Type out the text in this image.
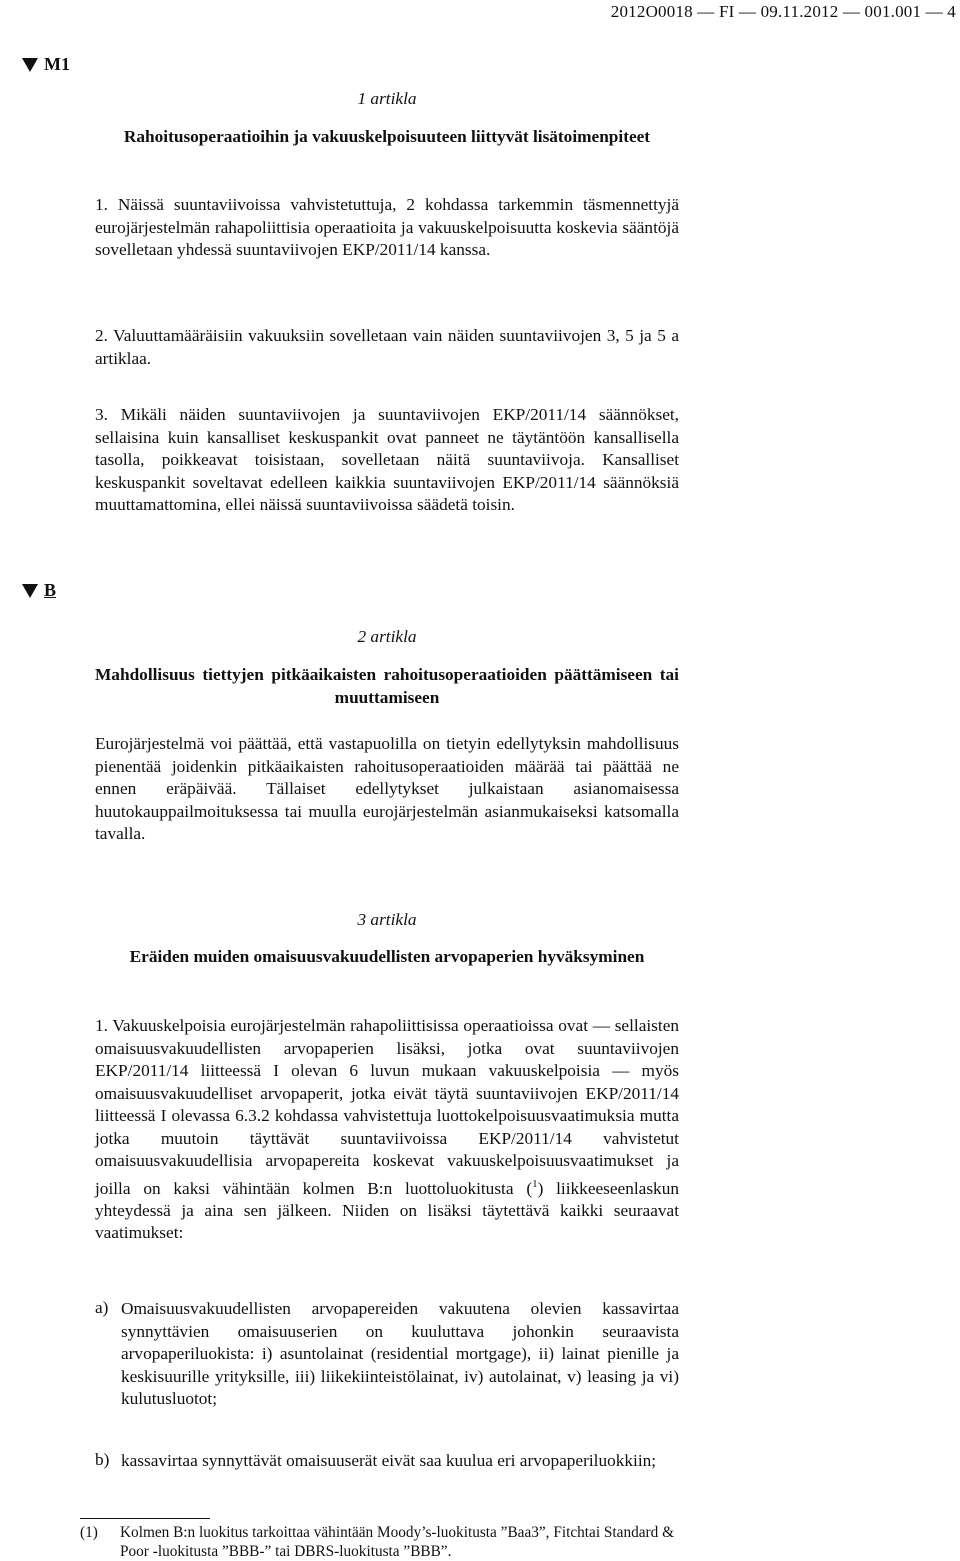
2012O0018 — FI — 09.11.2012 — 001.001 — 4
M1
1 artikla
Rahoitusoperaatioihin ja vakuuskelpoisuuteen liittyvät lisätoimenpiteet
1. Näissä suuntaviivoissa vahvistetuttuja, 2 kohdassa tarkemmin täsmennettyjä eurojärjestelmän rahapoliittisia operaatioita ja vakuuskelpoisuutta koskevia sääntöjä sovelletaan yhdessä suuntaviivojen EKP/2011/14 kanssa.
2. Valuuttamääräisiin vakuuksiin sovelletaan vain näiden suuntaviivojen 3, 5 ja 5 a artiklaa.
3. Mikäli näiden suuntaviivojen ja suuntaviivojen EKP/2011/14 säännökset, sellaisina kuin kansalliset keskuspankit ovat panneet ne täytäntöön kansallisella tasolla, poikkeavat toisistaan, sovelletaan näitä suuntaviivoja. Kansalliset keskuspankit soveltavat edelleen kaikkia suuntaviivojen EKP/2011/14 säännöksiä muuttamattomina, ellei näissä suuntaviivoissa säädetä toisin.
B
2 artikla
Mahdollisuus tiettyjen pitkäaikaisten rahoitusoperaatioiden päättämiseen tai muuttamiseen
Eurojärjestelmä voi päättää, että vastapuolilla on tietyin edellytyksin mahdollisuus pienentää joidenkin pitkäaikaisten rahoitusoperaatioiden määrää tai päättää ne ennen eräpäivää. Tällaiset edellytykset julkaistaan asianomaisessa huutokauppailmoituksessa tai muulla eurojärjestelmän asianmukaiseksi katsomalla tavalla.
3 artikla
Eräiden muiden omaisuusvakuudellisten arvopaperien hyväksyminen
1. Vakuuskelpoisia eurojärjestelmän rahapoliittisissa operaatioissa ovat — sellaisten omaisuusvakuudellisten arvopaperien lisäksi, jotka ovat suuntaviivojen EKP/2011/14 liitteessä I olevan 6 luvun mukaan vakuuskelpoisia — myös omaisuusvakuudelliset arvopaperit, jotka eivät täytä suuntaviivojen EKP/2011/14 liitteessä I olevassa 6.3.2 kohdassa vahvistettuja luottokelpoisuusvaatimuksia mutta jotka muutoin täyttävät suuntaviivoissa EKP/2011/14 vahvistetut omaisuusvakuudellisia arvopapereita koskevat vakuuskelpoisuusvaatimukset ja joilla on kaksi vähintään kolmen B:n luottoluokitusta ($^1$) liikkeeseenlaskun yhteydessä ja aina sen jälkeen. Niiden on lisäksi täytettävä kaikki seuraavat vaatimukset:
a) Omaisuusvakuudellisten arvopapereiden vakuutena olevien kassavirtaa synnyttävien omaisuuserien on kuuluttava johonkin seuraavista arvopaperiluokista: i) asuntolainat (residential mortgage), ii) lainat pienille ja keskisuurille yrityksille, iii) liikekiinteistölainat, iv) autolainat, v) leasing ja vi) kulutusluotot;
b) kassavirtaa synnyttävät omaisuuserät eivät saa kuulua eri arvopaperiluokkiin;
(1)	Kolmen B:n luokitus tarkoittaa vähintään Moody’s-luokitusta ”Baa3”, Fitchtai Standard & Poor -luokitusta ”BBB-” tai DBRS-luokitusta ”BBB”.
